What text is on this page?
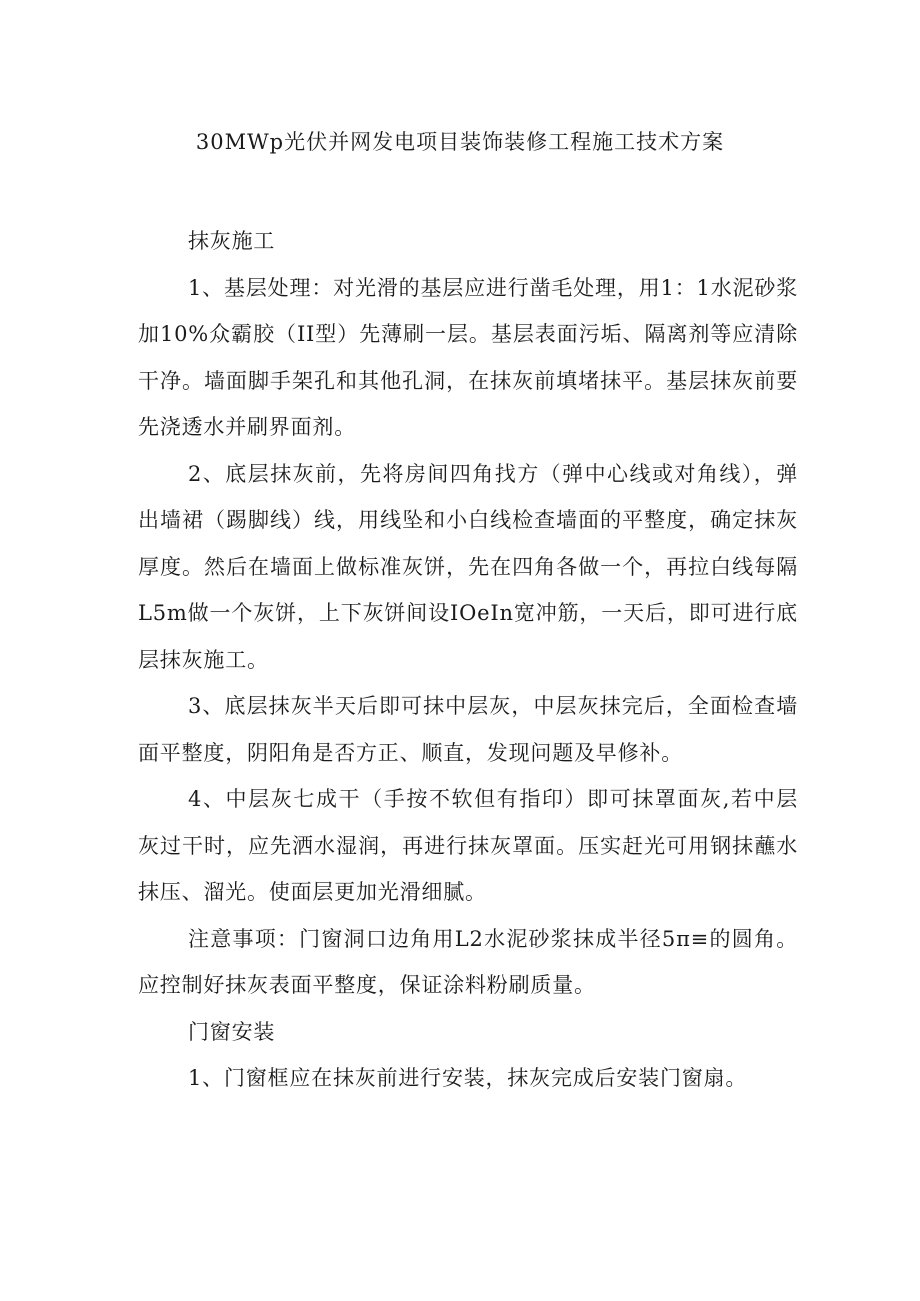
30MWp光伏并网发电项目装饰装修工程施工技术方案

抹灰施工

1、基层处理：对光滑的基层应进行凿毛处理，用1：1水泥砂浆加10%众霸胶（II型）先薄刷一层。基层表面污垢、隔离剂等应清除干净。墙面脚手架孔和其他孔洞，在抹灰前填堵抹平。基层抹灰前要先浇透水并刷界面剂。

2、底层抹灰前，先将房间四角找方（弹中心线或对角线），弹出墙裙（踢脚线）线，用线坠和小白线检查墙面的平整度，确定抹灰厚度。然后在墙面上做标准灰饼，先在四角各做一个，再拉白线每隔L5m做一个灰饼，上下灰饼间设IOeIn宽冲筋，一天后，即可进行底层抹灰施工。

3、底层抹灰半天后即可抹中层灰，中层灰抹完后，全面检查墙面平整度，阴阳角是否方正、顺直，发现问题及早修补。

4、中层灰七成干（手按不软但有指印）即可抹罩面灰,若中层灰过干时，应先洒水湿润，再进行抹灰罩面。压实赶光可用钢抹蘸水抹压、溜光。使面层更加光滑细腻。

注意事项：门窗洞口边角用L2水泥砂浆抹成半径5π≡的圆角。应控制好抹灰表面平整度，保证涂料粉刷质量。

门窗安装

1、门窗框应在抹灰前进行安装，抹灰完成后安装门窗扇。
